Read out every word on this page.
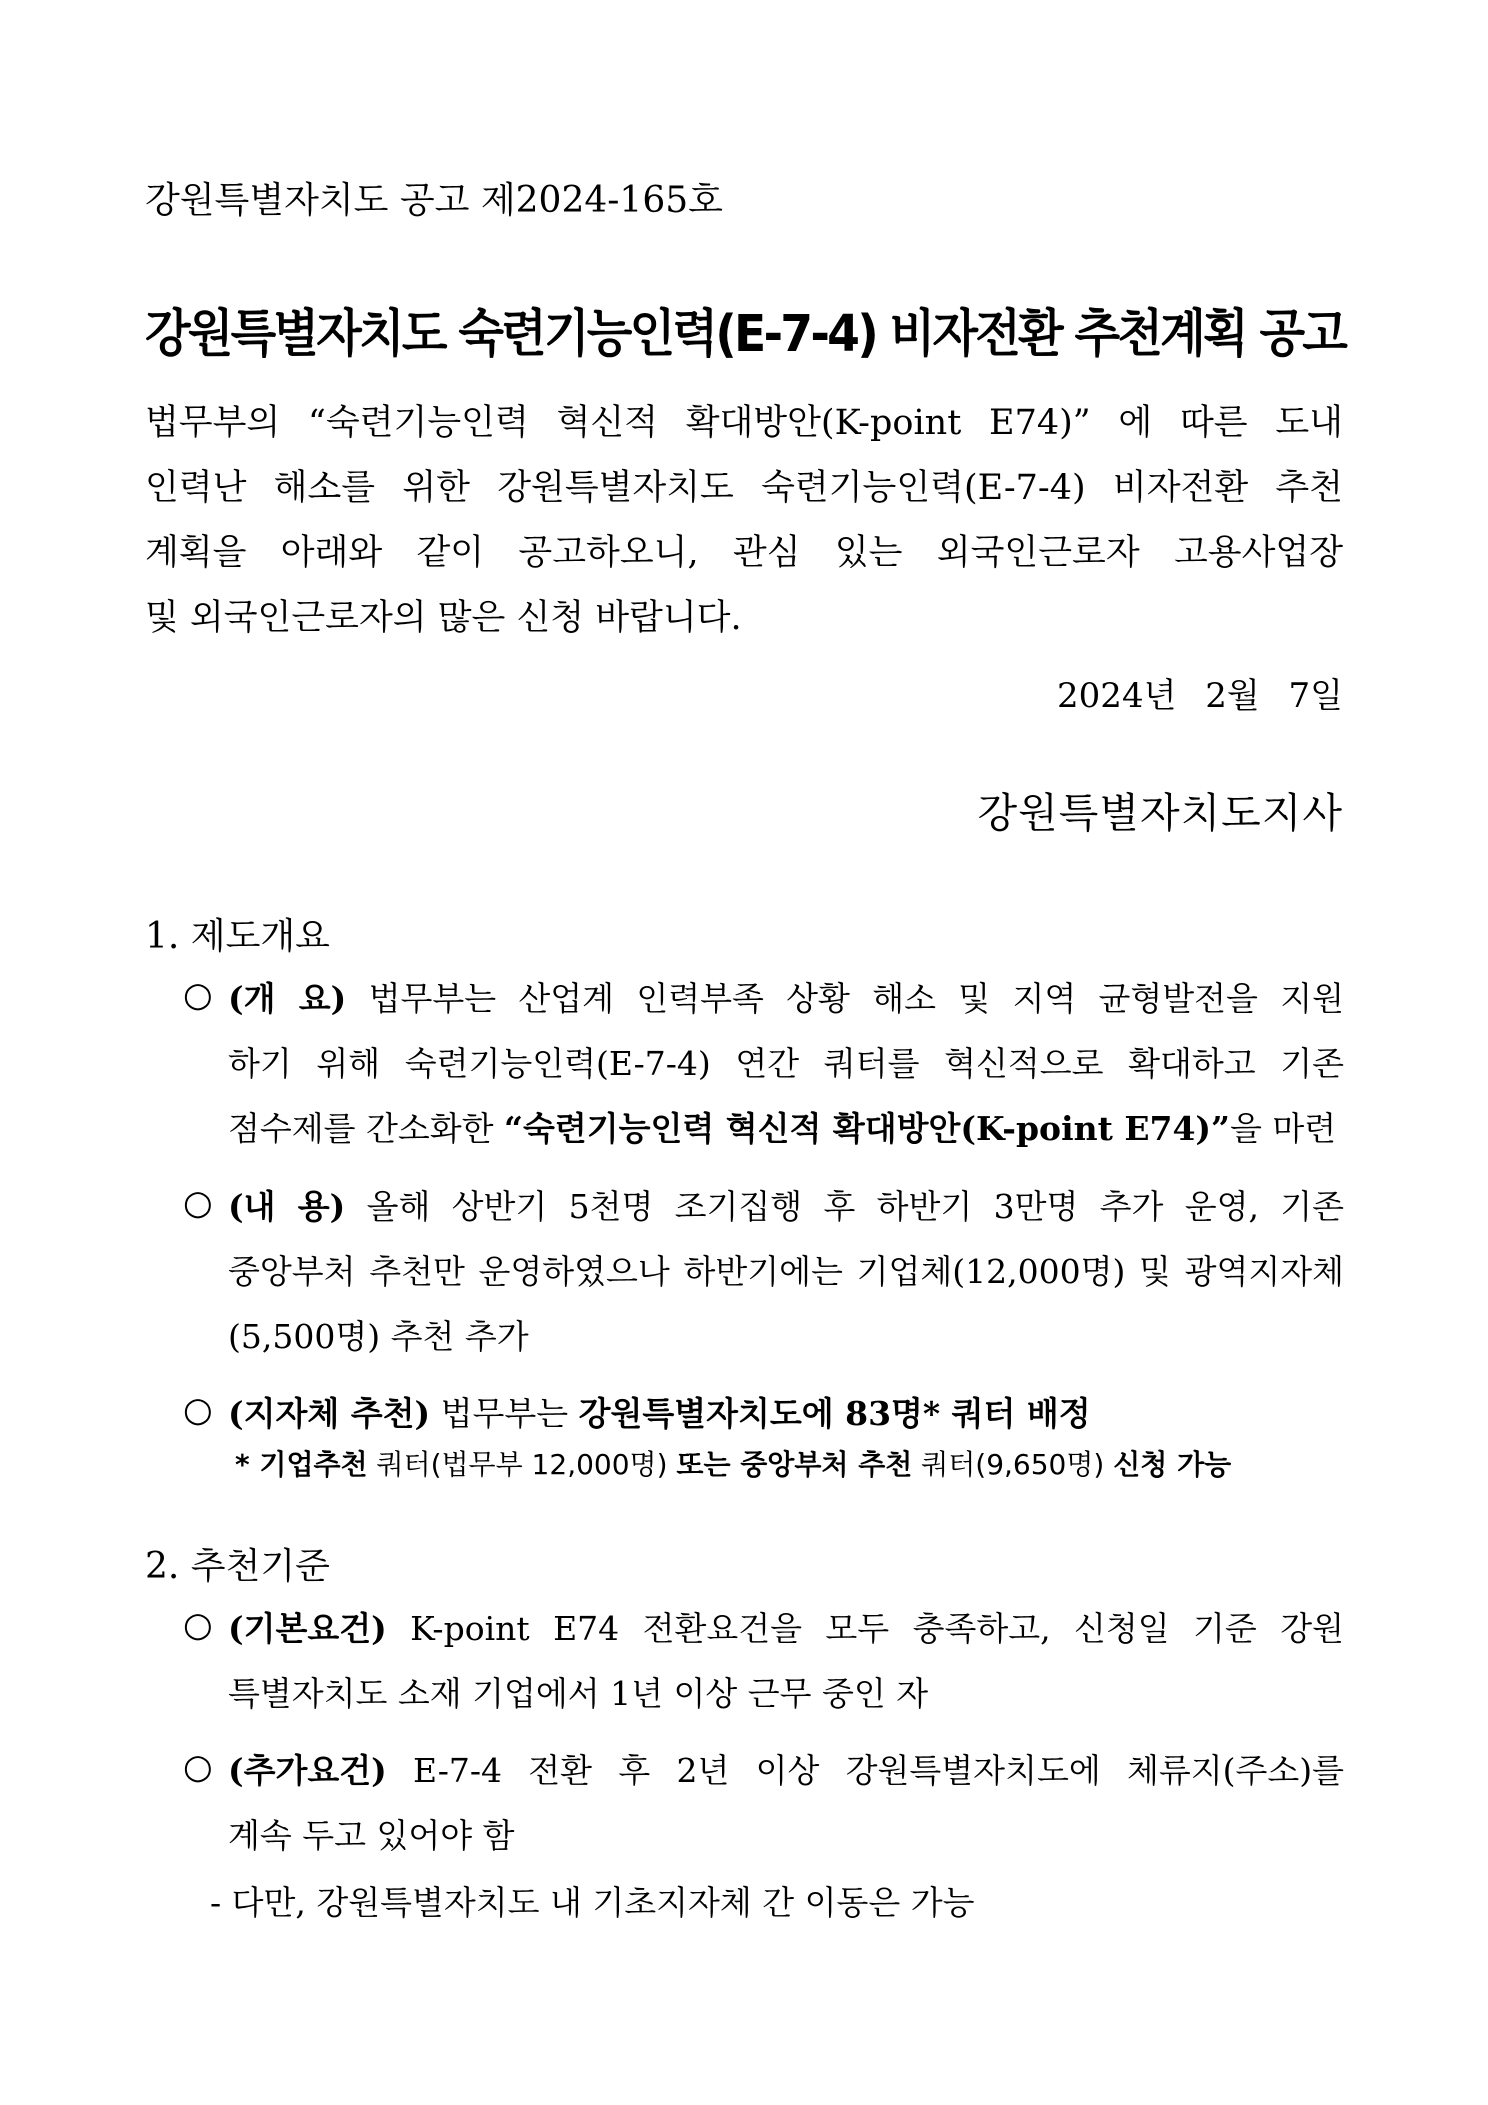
강원특별자치도 공고 제2024-165호
강원특별자치도 숙련기능인력(E-7-4) 비자전환 추천계획 공고
법무부의 “숙련기능인력 혁신적 확대방안(K-point E74)” 에 따른 도내
인력난 해소를 위한 강원특별자치도 숙련기능인력(E-7-4) 비자전환 추천
계획을 아래와 같이 공고하오니, 관심 있는 외국인근로자 고용사업장
및 외국인근로자의 많은 신청 바랍니다.
2024년 2월 7일
강원특별자치도지사
1. 제도개요
○ (개 요) 법무부는 산업계 인력부족 상황 해소 및 지역 균형발전을 지원
하기 위해 숙련기능인력(E-7-4) 연간 쿼터를 혁신적으로 확대하고 기존
점수제를 간소화한 “숙련기능인력 혁신적 확대방안(K-point E74)”을 마련
○ (내 용) 올해 상반기 5천명 조기집행 후 하반기 3만명 추가 운영, 기존
중앙부처 추천만 운영하였으나 하반기에는 기업체(12,000명) 및 광역지자체
(5,500명) 추천 추가
○ (지자체 추천) 법무부는 강원특별자치도에 83명* 쿼터 배정
* 기업추천 쿼터(법무부 12,000명) 또는 중앙부처 추천 쿼터(9,650명) 신청 가능
2. 추천기준
○ (기본요건) K-point E74 전환요건을 모두 충족하고, 신청일 기준 강원
특별자치도 소재 기업에서 1년 이상 근무 중인 자
○ (추가요건) E-7-4 전환 후 2년 이상 강원특별자치도에 체류지(주소)를
계속 두고 있어야 함
- 다만, 강원특별자치도 내 기초지자체 간 이동은 가능
